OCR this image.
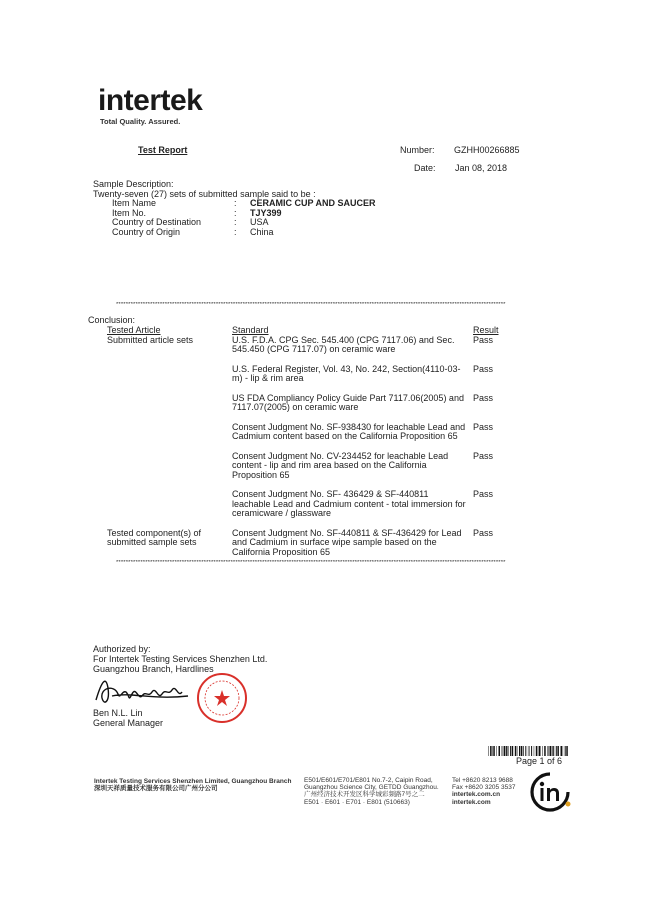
intertek
Total Quality. Assured.
Test Report	Number: GZHH00266885
Date: Jan 08, 2018
Sample Description:
Twenty-seven (27) sets of submitted sample said to be :
Item Name	:	CERAMIC CUP AND SAUCER
Item No.	:	TJY399
Country of Destination	:	USA
Country of Origin	:	China
****************************************************************************************************************************************************************
Conclusion:
Tested Article	Standard	Result
Submitted article sets	U.S. F.D.A. CPG Sec. 545.400 (CPG 7117.06) and Sec. 545.450 (CPG 7117.07) on ceramic ware	Pass
	U.S. Federal Register, Vol. 43, No. 242, Section(4110-03-m) - lip & rim area	Pass
	US FDA Compliancy Policy Guide Part 7117.06(2005) and 7117.07(2005) on ceramic ware	Pass
	Consent Judgment No. SF-938430 for leachable Lead and Cadmium content based on the California Proposition 65	Pass
	Consent Judgment No. CV-234452 for leachable Lead content - lip and rim area based on the California Proposition 65	Pass
	Consent Judgment No. SF- 436429 & SF-440811 leachable Lead and Cadmium content - total immersion for ceramicware / glassware	Pass
Tested component(s) of submitted sample sets	Consent Judgment No. SF-440811 & SF-436429 for Lead and Cadmium in surface wipe sample based on the California Proposition 65	Pass
****************************************************************************************************************************************************************
Authorized by:
For Intertek Testing Services Shenzhen Ltd.
Guangzhou Branch, Hardlines
Ben N.L. Lin
General Manager
Page 1 of 6
Intertek Testing Services Shenzhen Limited, Guangzhou Branch
深圳天祥质量技术服务有限公司广州分公司
E501/E601/E701/E801 No.7-2, Caipin Road,
Guangzhou Science City, GETDD Guangzhou.
广州经济技术开发区科学城彩频路7号之二
E501 · E601 · E701 · E801 (510663)
Tel +8620 8213 9688
Fax +8620 3205 3537
intertek.com.cn
intertek.com
